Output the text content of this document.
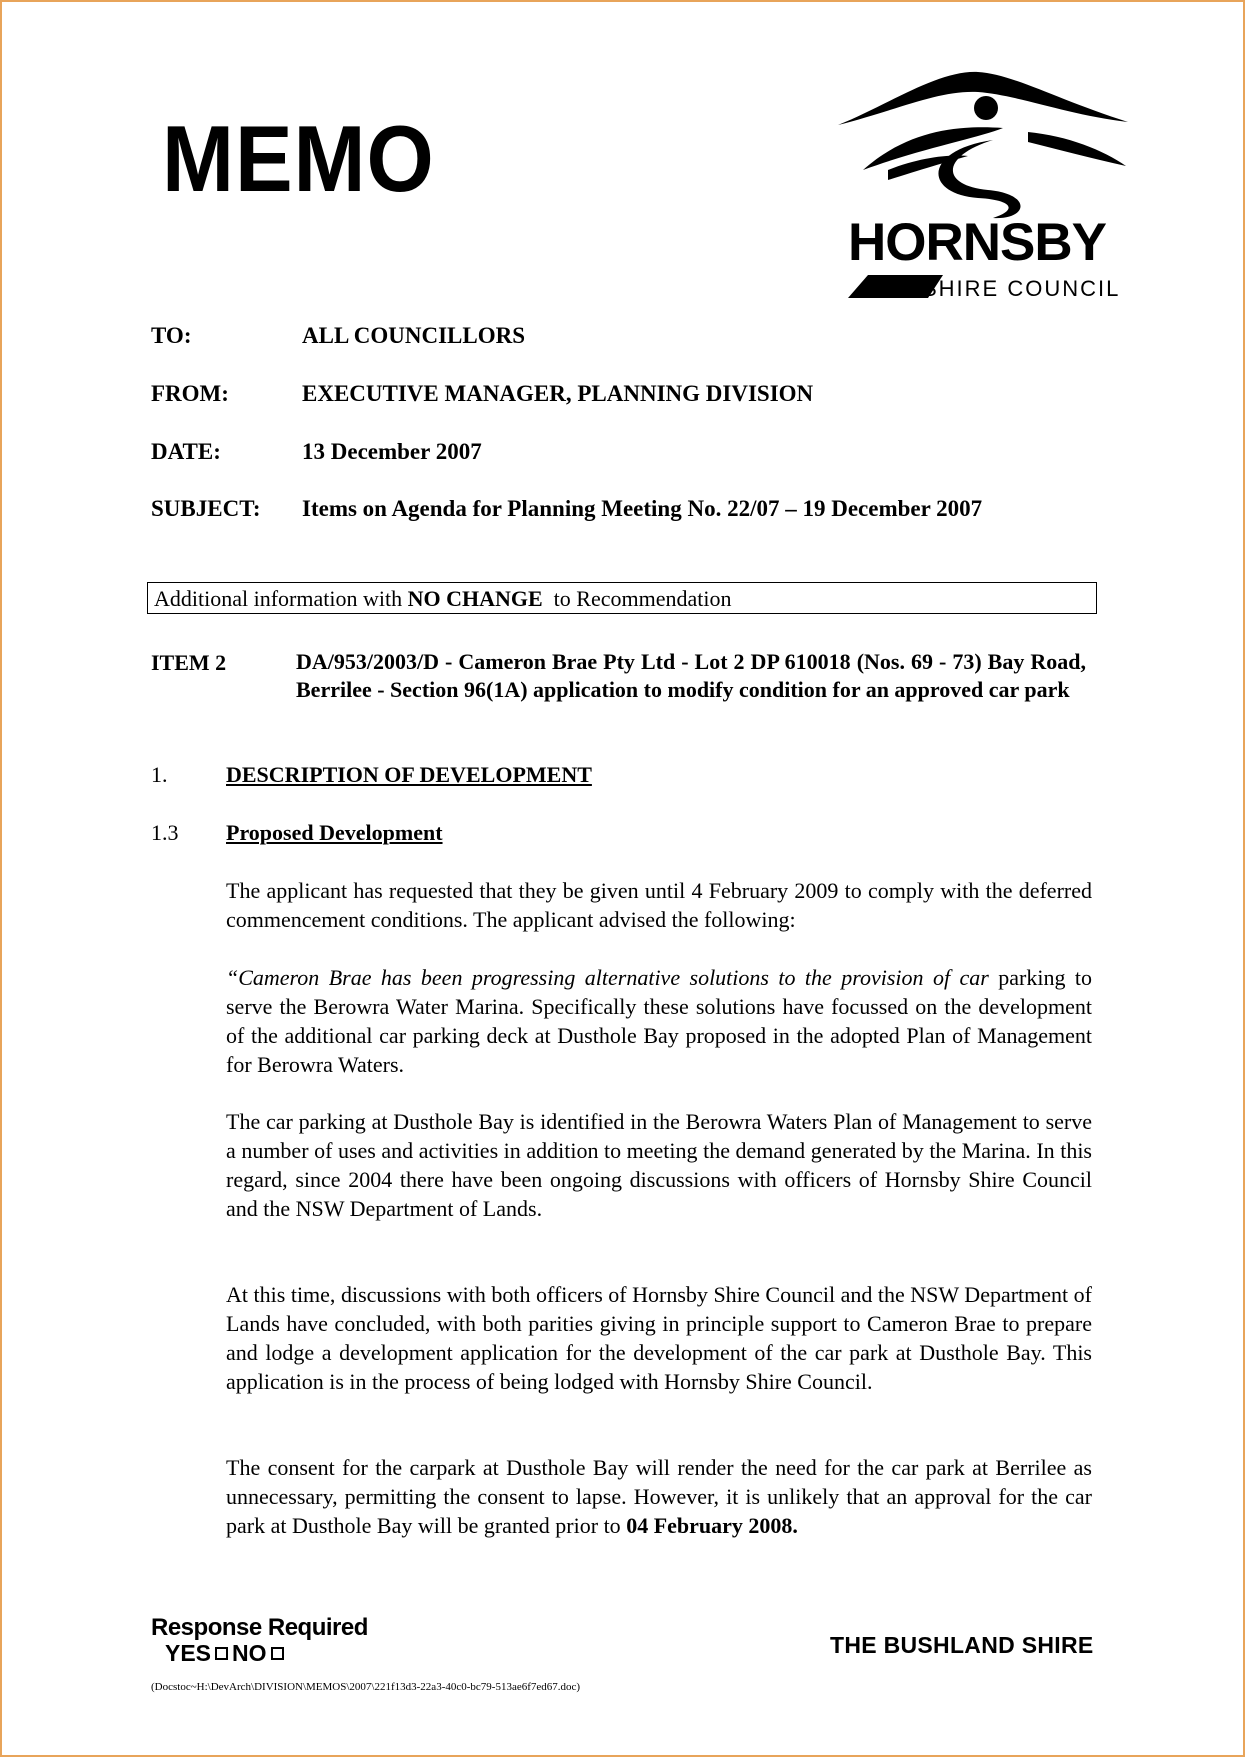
MEMO
HORNSBY
SHIRE COUNCIL
TO:	ALL COUNCILLORS
FROM:	EXECUTIVE MANAGER, PLANNING DIVISION
DATE:	13 December 2007
SUBJECT: Items on Agenda for Planning Meeting No. 22/07 – 19 December 2007
Additional information with NO CHANGE  to Recommendation
ITEM 2	DA/953/2003/D - Cameron Brae Pty Ltd - Lot 2 DP 610018 (Nos. 69 - 73) Bay Road, Berrilee - Section 96(1A) application to modify condition for an approved car park
1.	DESCRIPTION OF DEVELOPMENT
1.3 Proposed Development
The applicant has requested that they be given until 4 February 2009 to comply with the deferred commencement conditions. The applicant advised the following:
“Cameron Brae has been progressing alternative solutions to the provision of car parking to serve the Berowra Water Marina. Specifically these solutions have focussed on the development of the additional car parking deck at Dusthole Bay proposed in the adopted Plan of Management for Berowra Waters.
The car parking at Dusthole Bay is identified in the Berowra Waters Plan of Management to serve a number of uses and activities in addition to meeting the demand generated by the Marina. In this regard, since 2004 there have been ongoing discussions with officers of Hornsby Shire Council and the NSW Department of Lands.
At this time, discussions with both officers of Hornsby Shire Council and the NSW Department of Lands have concluded, with both parities giving in principle support to Cameron Brae to prepare and lodge a development application for the development of the car park at Dusthole Bay. This application is in the process of being lodged with Hornsby Shire Council.
The consent for the carpark at Dusthole Bay will render the need for the car park at Berrilee as unnecessary, permitting the consent to lapse. However, it is unlikely that an approval for the car park at Dusthole Bay will be granted prior to 04 February 2008.
Response Required
YES NO	THE BUSHLAND SHIRE
(Docstoc~H:\DevArch\DIVISION\MEMOS\2007\221f13d3-22a3-40c0-bc79-513ae6f7ed67.doc)
